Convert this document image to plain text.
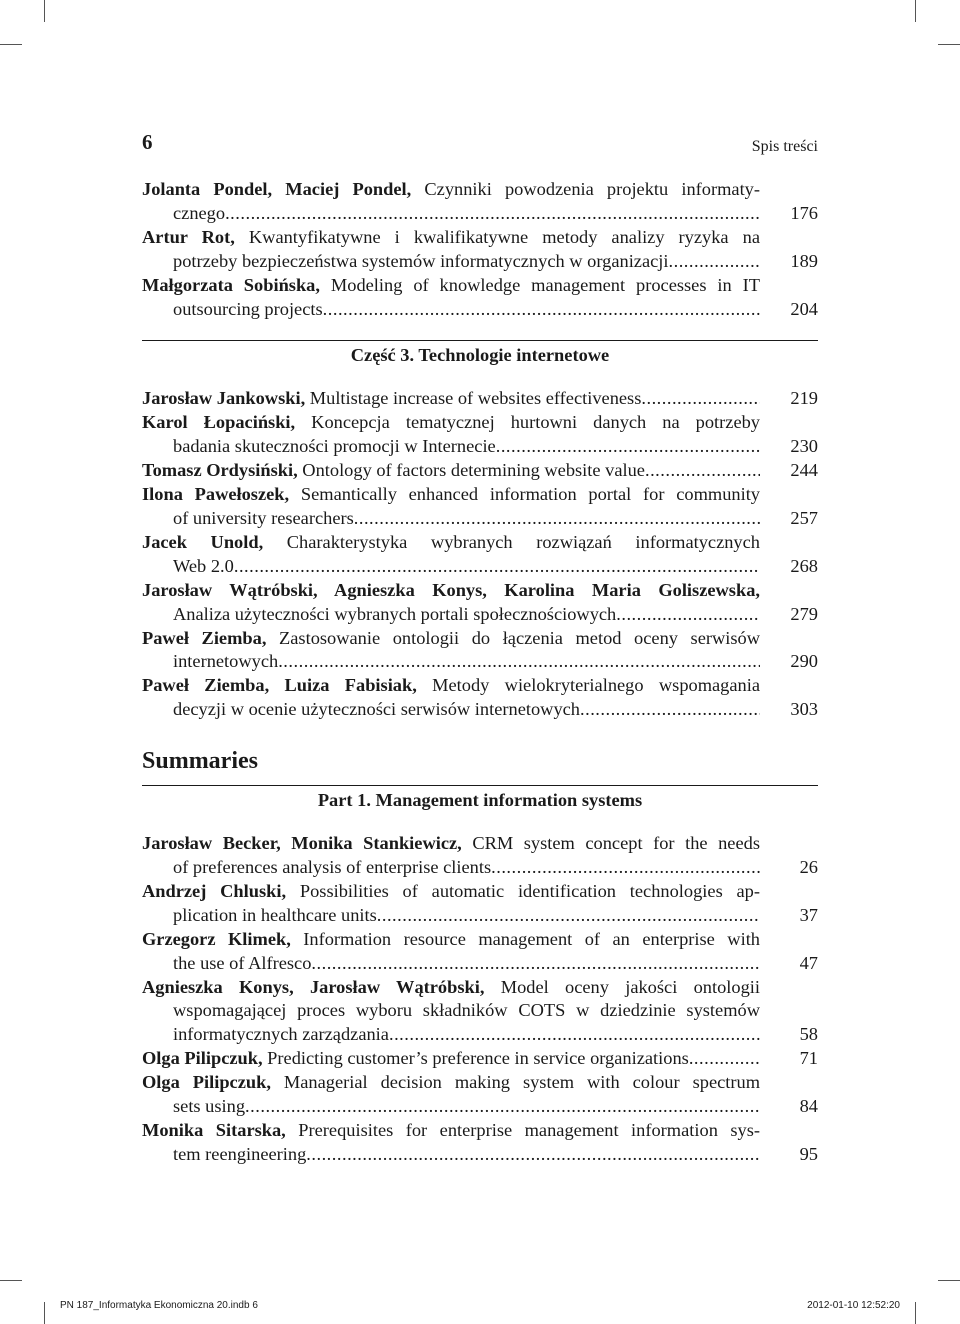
6	Spis treści
Jolanta Pondel, Maciej Pondel, Czynniki powodzenia projektu informaty-
cznego .....	176
Artur Rot, Kwantyfikatywne i kwalifikatywne metody analizy ryzyka na
potrzeby bezpieczeństwa systemów informatycznych w organizacji .....	189
Małgorzata Sobińska, Modeling of knowledge management processes in IT
outsourcing projects .....	204
Część 3. Technologie internetowe
Jarosław Jankowski, Multistage increase of websites effectiveness .....	219
Karol Łopaciński, Koncepcja tematycznej hurtowni danych na potrzeby
badania skuteczności promocji w Internecie .....	230
Tomasz Ordysiński, Ontology of factors determining website value .....	244
Ilona Pawełoszek, Semantically enhanced information portal for community
of university researchers .....	257
Jacek Unold, Charakterystyka wybranych rozwiązań informatycznych
Web 2.0 .....	268
Jarosław Wątróbski, Agnieszka Konys, Karolina Maria Goliszewska,
Analiza użyteczności wybranych portali społecznościowych .....	279
Paweł Ziemba, Zastosowanie ontologii do łączenia metod oceny serwisów
internetowych .....	290
Paweł Ziemba, Luiza Fabisiak, Metody wielokryterialnego wspomagania
decyzji w ocenie użyteczności serwisów internetowych .....	303
Summaries
Part 1. Management information systems
Jarosław Becker, Monika Stankiewicz, CRM system concept for the needs
of preferences analysis of enterprise clients .....	26
Andrzej Chluski, Possibilities of automatic identification technologies ap-
plication in healthcare units .....	37
Grzegorz Klimek, Information resource management of an enterprise with
the use of Alfresco .....	47
Agnieszka Konys, Jarosław Wątróbski, Model oceny jakości ontologii
wspomagającej proces wyboru składników COTS w dziedzinie systemów
informatycznych zarządzania .....	58
Olga Pilipczuk, Predicting customer’s preference in service organizations .....	71
Olga Pilipczuk, Managerial decision making system with colour spectrum
sets using .....	84
Monika Sitarska, Prerequisites for enterprise management information sys-
tem reengineering .....	95
PN 187_Informatyka Ekonomiczna 20.indb 6	2012-01-10 12:52:20
